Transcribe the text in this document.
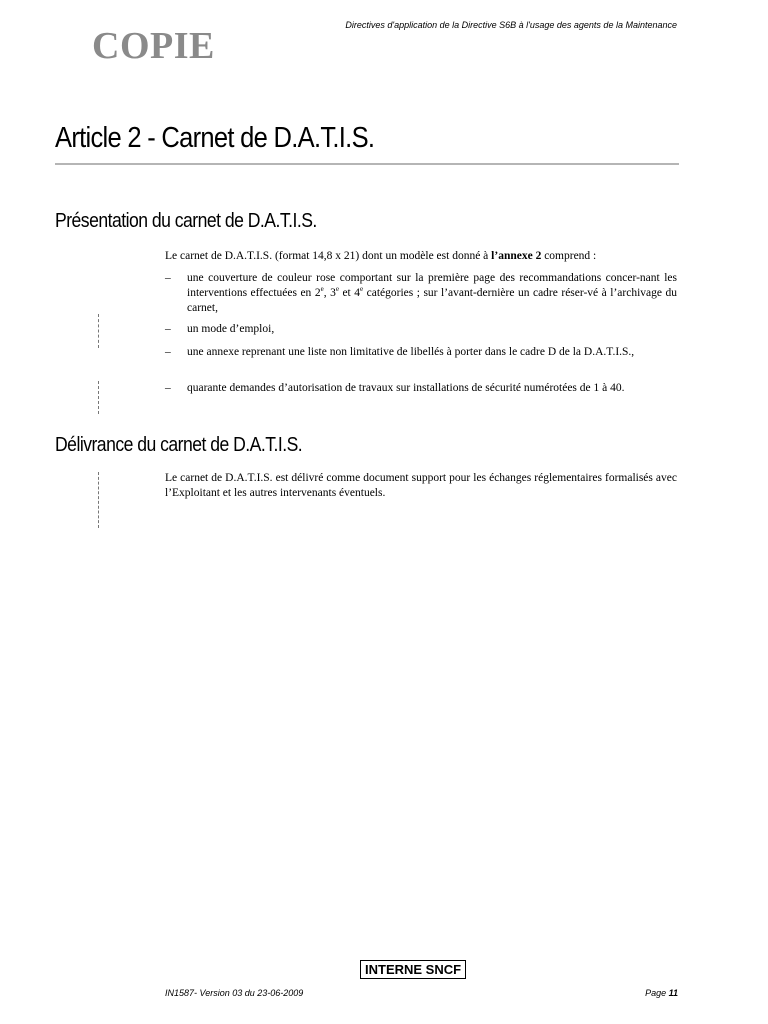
COPIE	Directives d'application de la Directive S6B à l'usage des agents de la Maintenance
Article 2 - Carnet de D.A.T.I.S.
Présentation du carnet de D.A.T.I.S.
Le carnet de D.A.T.I.S. (format 14,8 x 21) dont un modèle est donné à l’annexe 2 comprend :
– une couverture de couleur rose comportant sur la première page des recommandations concer-nant les interventions effectuées en 2e, 3e et 4e catégories ; sur l’avant-dernière un cadre réser-vé à l’archivage du carnet,
– un mode d’emploi,
– une annexe reprenant une liste non limitative de libellés à porter dans le cadre D de la D.A.T.I.S.,
– quarante demandes d’autorisation de travaux sur installations de sécurité numérotées de 1 à 40.
Délivrance du carnet de D.A.T.I.S.
Le carnet de D.A.T.I.S. est délivré comme document support pour les échanges réglementaires formalisés avec l’Exploitant et les autres intervenants éventuels.
INTERNE SNCF
IN1587- Version 03 du 23-06-2009	Page 11
